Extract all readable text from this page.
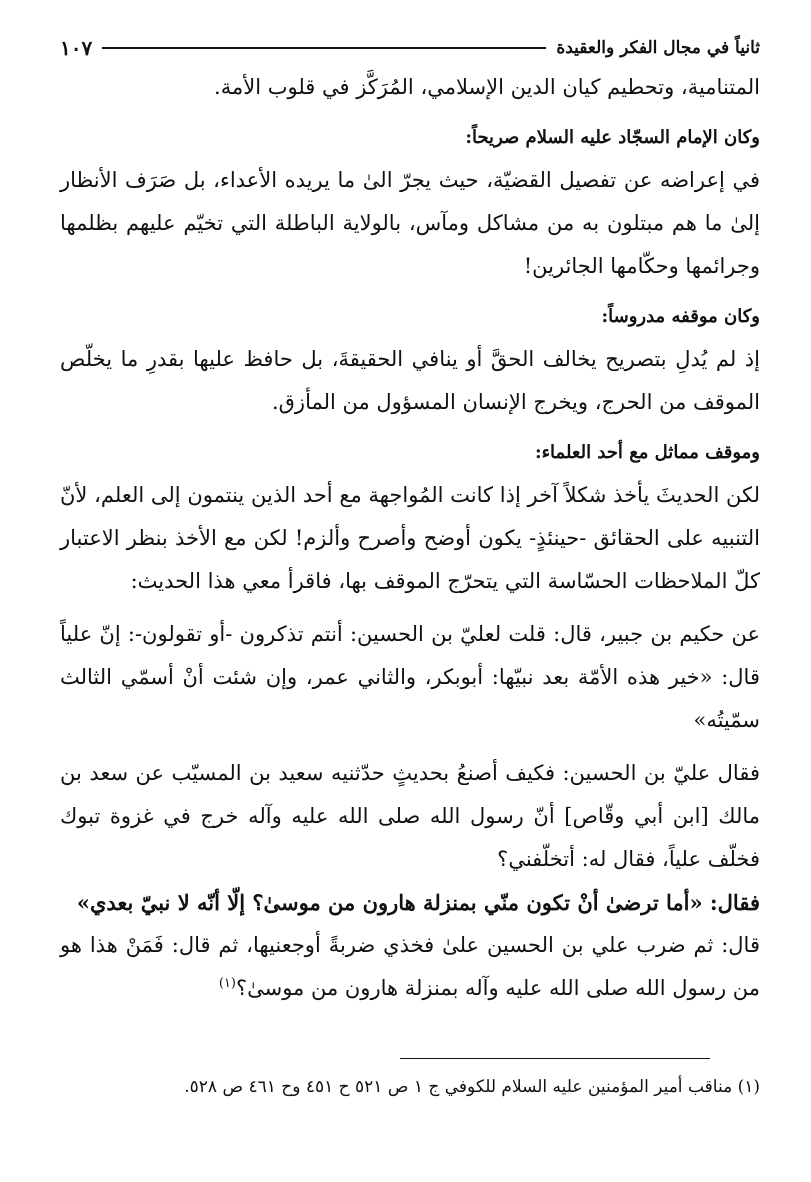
ثانياً في مجال الفكر والعقيدة
١٠٧

المتنامية، وتحطيم كيان الدين الإسلامي، المُرَكَّز في قلوب الأمة.

وكان الإمام السجّاد عليه السلام صريحاً:

في إعراضه عن تفصيل القضيّة، حيث يجرّ الىٰ ما يريده الأعداء، بل صَرَف الأنظار إلىٰ ما هم مبتلون به من مشاكل ومآس، بالولاية الباطلة التي تخيّم عليهم بظلمها وجرائمها وحكّامها الجائرين!

وكان موقفه مدروساً:

إذ لم يُدلِ بتصريح يخالف الحقَّ أو ينافي الحقيقةَ، بل حافظ عليها بقدرِ ما يخلّص الموقف من الحرج، ويخرج الإنسان المسؤول من المأزق.

وموقف مماثل مع أحد العلماء:

لكن الحديثَ يأخذ شكلاً آخر إذا كانت المُواجهة مع أحد الذين ينتمون إلى العلم، لأنّ التنبيه على الحقائق -حينئذٍ- يكون أوضح وأصرح وألزم! لكن مع الأخذ بنظر الاعتبار كلّ الملاحظات الحسّاسة التي يتحرّج الموقف بها، فاقرأ معي هذا الحديث:

عن حكيم بن جبير، قال: قلت لعليّ بن الحسين: أنتم تذكرون -أو تقولون-: إنّ علياً قال: «خير هذه الأمّة بعد نبيّها: أبوبكر، والثاني عمر، وإن شئت أنْ أسمّي الثالث سمّيتُه»

فقال عليّ بن الحسين: فكيف أصنعُ بحديثٍ حدّثنيه سعيد بن المسيّب عن سعد بن مالك [ابن أبي وقّاص] أنّ رسول الله صلى الله عليه وآله خرج في غزوة تبوك فخلّف علياً، فقال له: أتخلّفني؟

فقال: «أما ترضىٰ أنْ تكون منّي بمنزلة هارون من موسىٰ؟ إلّا أنّه لا نبيّ بعدي»

قال: ثم ضرب علي بن الحسين علىٰ فخذي ضربةً أوجعنيها، ثم قال: فَمَنْ هذا هو من رسول الله صلى الله عليه وآله بمنزلة هارون من موسىٰ؟$^{(١)}$

(١) مناقب أمير المؤمنين عليه السلام للكوفي ج ١ ص ٥٢١ ح ٤٥١ وح ٤٦١ ص ٥٢٨.
